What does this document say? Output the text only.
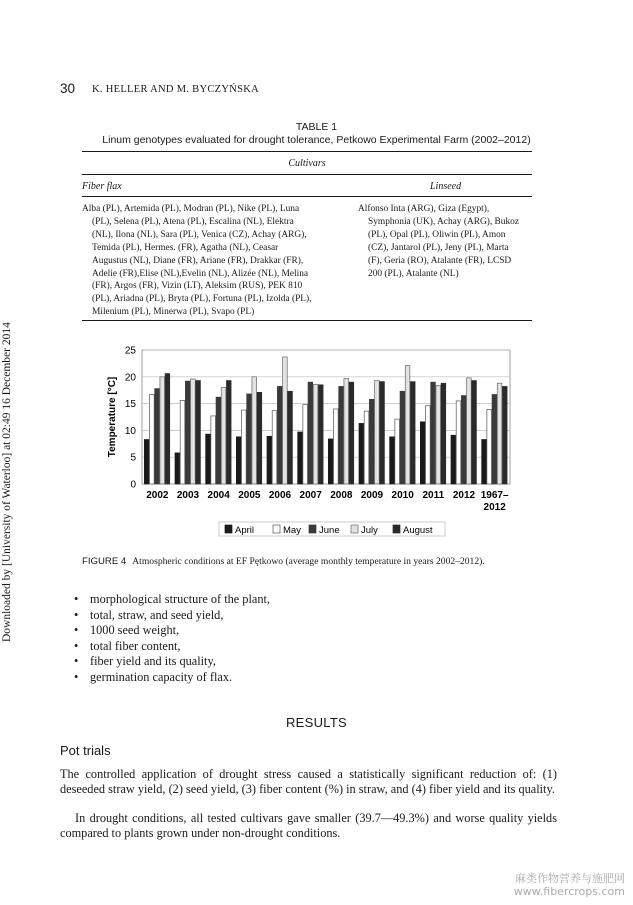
Downloaded by [University of Waterloo] at 02:49 16 December 2014
30 K. HELLER AND M. BYCZYŃSKA
TABLE 1
Linum genotypes evaluated for drought tolerance, Petkowo Experimental Farm (2002–2012)
Cultivars
Fiber flax	Linseed
Alba (PL), Artemida (PL), Modran (PL), Nike (PL), Luna
(PL), Selena (PL), Atena (PL), Escalina (NL), Elektra
(NL), Ilona (NL), Sara (PL), Venica (CZ), Achay (ARG),
Temida (PL), Hermes. (FR), Agatha (NL), Ceasar
Augustus (NL), Diane (FR), Ariane (FR), Drakkar (FR),
Adelie (FR),Elise (NL),Evelin (NL), Alizée (NL), Melina
(FR), Argos (FR), Vizin (LT), Aleksim (RUS), PEK 810
(PL), Ariadna (PL), Bryta (PL), Fortuna (PL), Izolda (PL),
Milenium (PL), Minerwa (PL), Svapo (PL)
Alfonso Inta (ARG), Giza (Egypt),
Symphonia (UK), Achay (ARG), Bukoz
(PL), Opal (PL), Oliwin (PL), Amon
(CZ), Jantarol (PL), Jeny (PL), Marta
(F), Geria (RO), Atalante (FR), LCSD
200 (PL), Atalante (NL)
0
5
10
15
20
25
Temperature [°C]
2002 2003 2004 2005 2006 2007 2008 2009 2010 2011 2012 1967–
2012
April	May June July	August
FIGURE 4 Atmospheric conditions at EF Pętkowo (average monthly temperature in years 2002–2012).
• morphological structure of the plant,
• total, straw, and seed yield,
• 1000 seed weight,
• total fiber content,
• fiber yield and its quality,
• germination capacity of flax.
RESULTS
Pot trials
The controlled application of drought stress caused a statistically significant reduction of: (1) deseeded straw yield, (2) seed yield, (3) fiber content (%) in straw, and (4) fiber yield and its quality.
In drought conditions, all tested cultivars gave smaller (39.7—49.3%) and worse quality yields compared to plants grown under non-drought conditions.
麻类作物营养与施肥网
www.fibercrops.com
